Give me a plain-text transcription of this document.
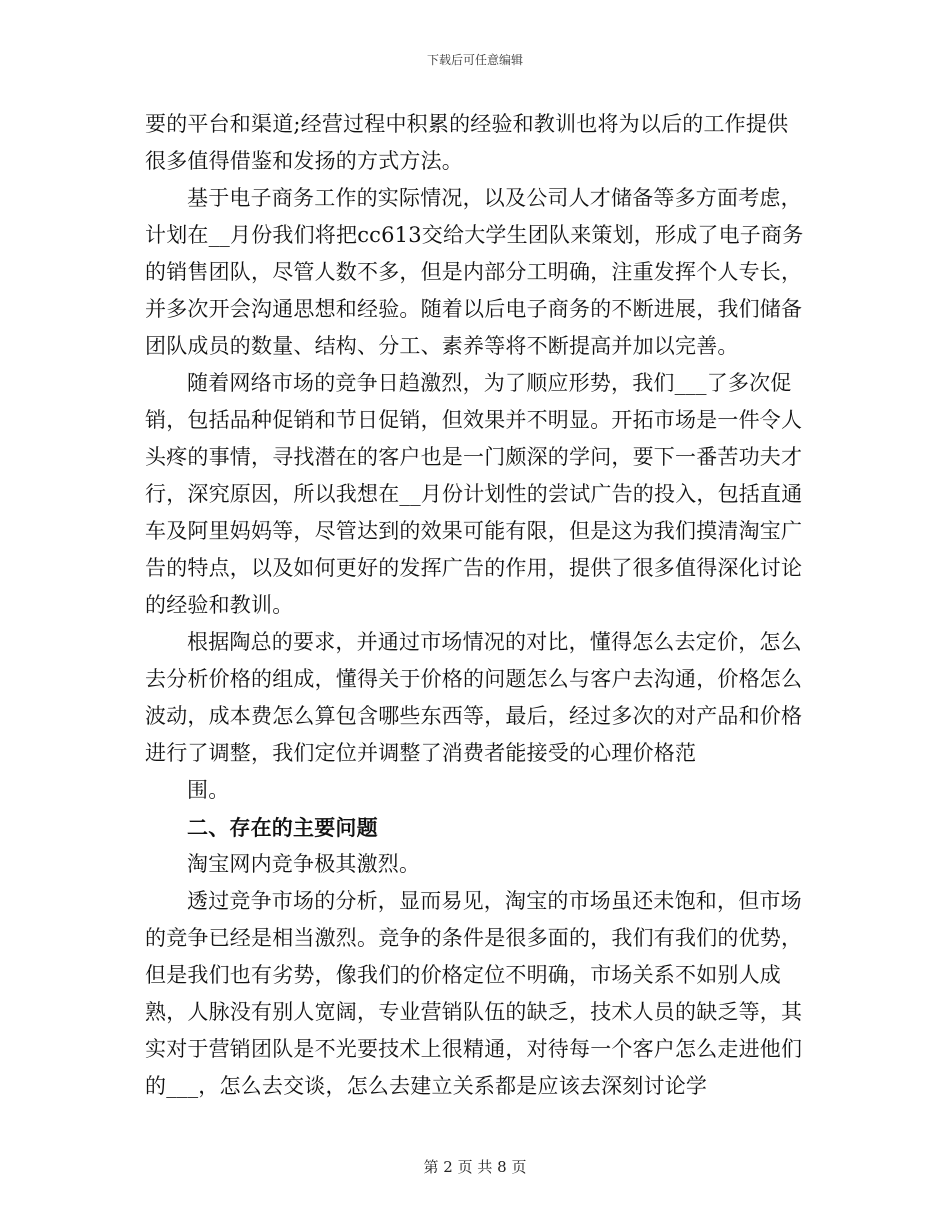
下载后可任意编辑

要的平台和渠道;经营过程中积累的经验和教训也将为以后的工作提供很多值得借鉴和发扬的方式方法。

基于电子商务工作的实际情况，以及公司人才储备等多方面考虑，计划在__月份我们将把cc613交给大学生团队来策划，形成了电子商务的销售团队，尽管人数不多，但是内部分工明确，注重发挥个人专长，并多次开会沟通思想和经验。随着以后电子商务的不断进展，我们储备团队成员的数量、结构、分工、素养等将不断提高并加以完善。

随着网络市场的竞争日趋激烈，为了顺应形势，我们___了多次促销，包括品种促销和节日促销，但效果并不明显。开拓市场是一件令人头疼的事情，寻找潜在的客户也是一门颇深的学问，要下一番苦功夫才行，深究原因，所以我想在__月份计划性的尝试广告的投入，包括直通车及阿里妈妈等，尽管达到的效果可能有限，但是这为我们摸清淘宝广告的特点，以及如何更好的发挥广告的作用，提供了很多值得深化讨论的经验和教训。

根据陶总的要求，并通过市场情况的对比，懂得怎么去定价，怎么去分析价格的组成，懂得关于价格的问题怎么与客户去沟通，价格怎么波动，成本费怎么算包含哪些东西等，最后，经过多次的对产品和价格进行了调整，我们定位并调整了消费者能接受的心理价格范

围。

二、存在的主要问题

淘宝网内竞争极其激烈。

透过竞争市场的分析，显而易见，淘宝的市场虽还未饱和，但市场的竞争已经是相当激烈。竞争的条件是很多面的，我们有我们的优势，但是我们也有劣势，像我们的价格定位不明确，市场关系不如别人成熟，人脉没有别人宽阔，专业营销队伍的缺乏，技术人员的缺乏等，其实对于营销团队是不光要技术上很精通，对待每一个客户怎么走进他们的___，怎么去交谈，怎么去建立关系都是应该去深刻讨论学

第 2 页 共 8 页
